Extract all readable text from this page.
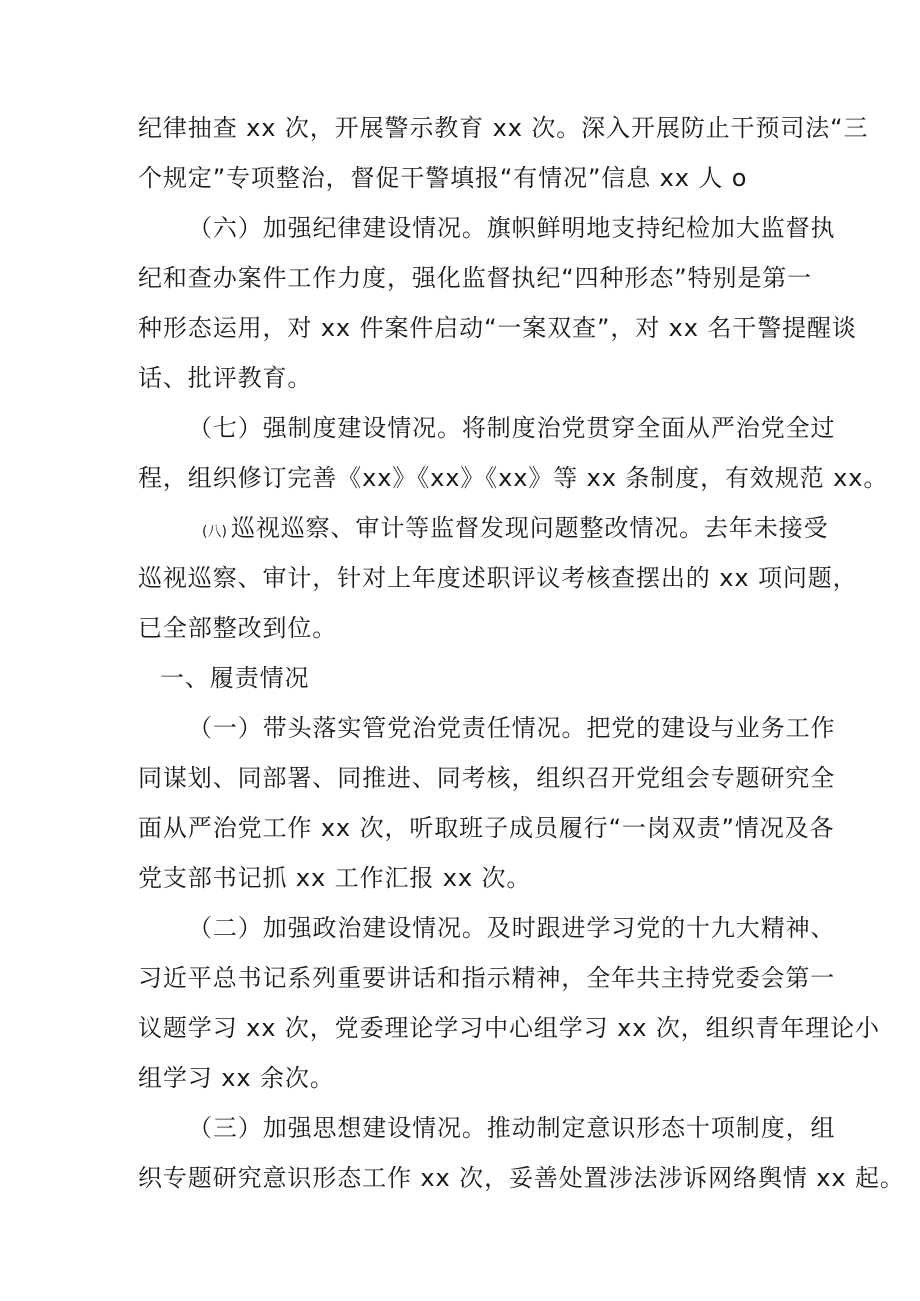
纪律抽查 xx 次，开展警示教育 xx 次。深入开展防止干预司法“三
个规定”专项整治，督促干警填报“有情况”信息 xx 人 o
（六）加强纪律建设情况。旗帜鲜明地支持纪检加大监督执
纪和查办案件工作力度，强化监督执纪“四种形态”特别是第一
种形态运用，对 xx 件案件启动“一案双查”，对 xx 名干警提醒谈
话、批评教育。
（七）强制度建设情况。将制度治党贯穿全面从严治党全过
程，组织修订完善《xx》《xx》《xx》等 xx 条制度，有效规范 xx。
(八) 巡视巡察、审计等监督发现问题整改情况。去年未接受
巡视巡察、审计，针对上年度述职评议考核查摆出的 xx 项问题，
已全部整改到位。
一、履责情况
（一）带头落实管党治党责任情况。把党的建设与业务工作
同谋划、同部署、同推进、同考核，组织召开党组会专题研究全
面从严治党工作 xx 次，听取班子成员履行“一岗双责”情况及各
党支部书记抓 xx 工作汇报 xx 次。
（二）加强政治建设情况。及时跟进学习党的十九大精神、
习近平总书记系列重要讲话和指示精神，全年共主持党委会第一
议题学习 xx 次，党委理论学习中心组学习 xx 次，组织青年理论小
组学习 xx 余次。
（三）加强思想建设情况。推动制定意识形态十项制度，组
织专题研究意识形态工作 xx 次，妥善处置涉法涉诉网络舆情 xx 起。
